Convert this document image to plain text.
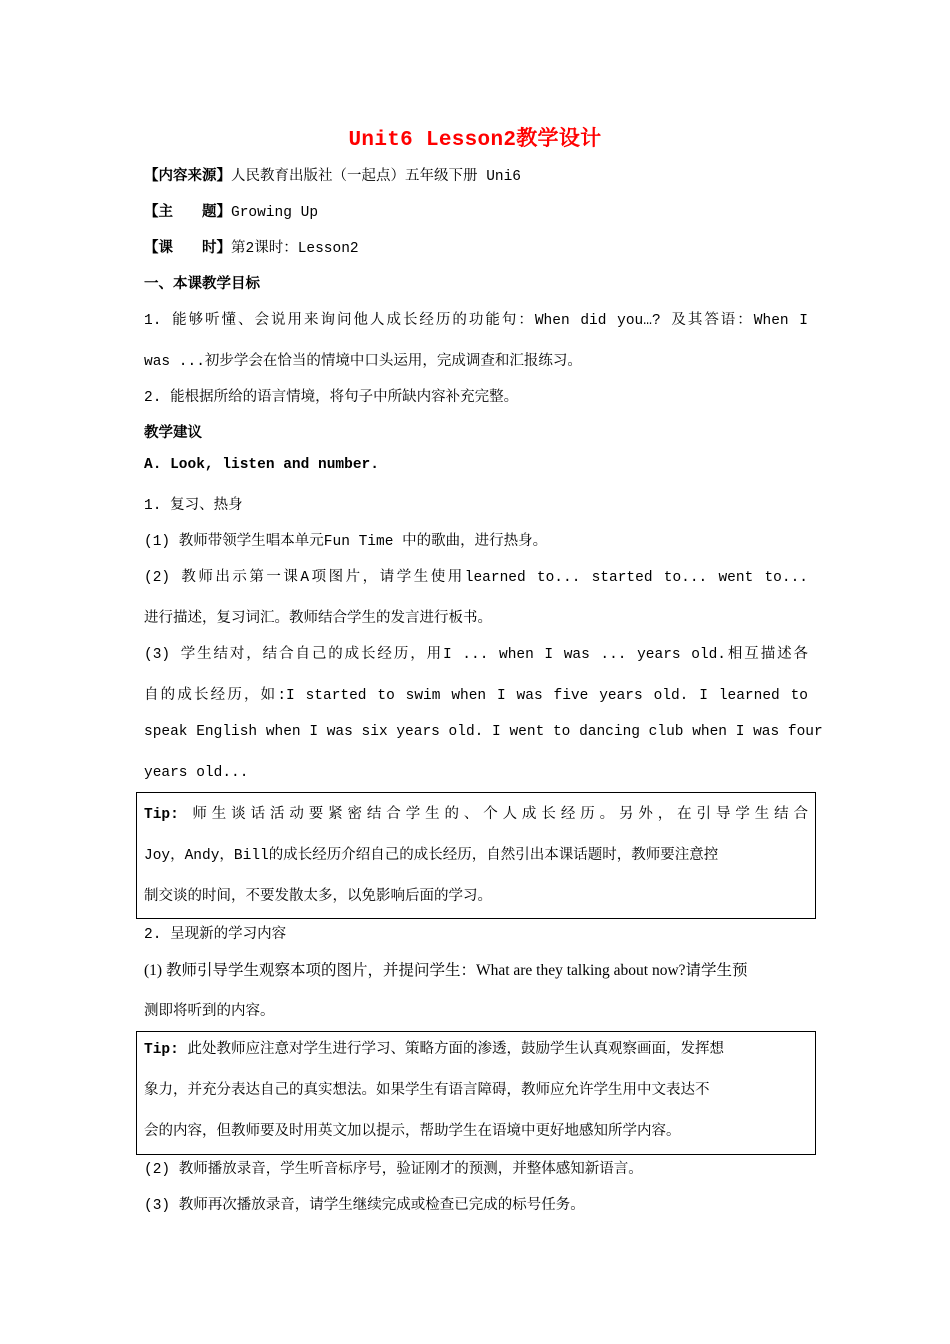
Unit6 Lesson2教学设计
【内容来源】人民教育出版社（一起点）五年级下册 Uni6
【主　　题】Growing Up
【课　　时】第2课时：Lesson2
一、本课教学目标
1. 能够听懂、会说用来询问他人成长经历的功能句：When did you…? 及其答语：When I
was ...初步学会在恰当的情境中口头运用，完成调查和汇报练习。
2. 能根据所给的语言情境，将句子中所缺内容补充完整。
教学建议
A. Look, listen and number.
1. 复习、热身
(1) 教师带领学生唱本单元Fun Time 中的歌曲，进行热身。
(2) 教师出示第一课A项图片，请学生使用learned to... started to... went to...
进行描述，复习词汇。教师结合学生的发言进行板书。
(3) 学生结对，结合自己的成长经历，用I ... when I was ... years old.相互描述各
自的成长经历，如:I started to swim when I was five years old. I learned to
speak English when I was six years old. I went to dancing club when I was four
years old...
Tip: 师生谈话活动要紧密结合学生的、个人成长经历。另外，在引导学生结合
Joy，Andy，Bill的成长经历介绍自己的成长经历，自然引出本课话题时，教师要注意控
制交谈的时间，不要发散太多，以免影响后面的学习。
2. 呈现新的学习内容
(1) 教师引导学生观察本项的图片，并提问学生：What are they talking about now?请学生预
测即将听到的内容。
Tip: 此处教师应注意对学生进行学习、策略方面的渗透，鼓励学生认真观察画面，发挥想
象力，并充分表达自己的真实想法。如果学生有语言障碍，教师应允许学生用中文表达不
会的内容，但教师要及时用英文加以提示，帮助学生在语境中更好地感知所学内容。
(2) 教师播放录音，学生听音标序号，验证刚才的预测，并整体感知新语言。
(3) 教师再次播放录音，请学生继续完成或检查已完成的标号任务。
